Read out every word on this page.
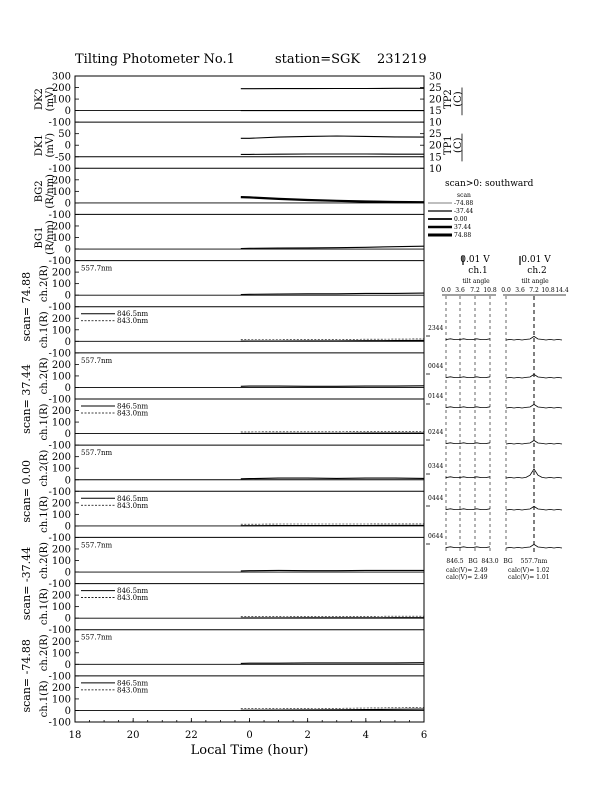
Tilting Photometer No.1	station=SGK 231219
18	20	22	0	2	4	6
Local Time (hour)
300
200
100
0
-100
30
25
20
15
10
TP2 (C)
DK2 (mV)
50
0
-50
-100
25
20
15
10
TP1 (C)
DK1 (mV)
200
100
0
-100
BG2 (R/nm)
200
100
0
-100
BG1 (R/nm)
200
100
0
-100
ch.2(R)	557.7nm
200
100
0
-100
ch.1(R)	846.5nm
843.0nm
200
100
0
-100
ch.2(R)	557.7nm
200
100
0
-100
ch.1(R)	846.5nm
843.0nm
200
100
0
-100
ch.2(R)	557.7nm
200
100
0
-100
ch.1(R)	846.5nm
843.0nm
200
100
0
-100
ch.2(R)	557.7nm
200
100
0
-100
ch.1(R)	846.5nm
843.0nm
200
100
0
-100
ch.2(R)	557.7nm
200
100
0
-100
ch.1(R)	846.5nm
843.0nm
scan= 74.88
scan= 37.44
scan= 0.00
scan= -37.44
scan= -74.88
scan>0: southward
scan
-74.88
-37.44
0.00
37.44
74.88
0.01 V	0.01 V
ch.1	ch.2
tilt angle	tilt angle
0.0 3.6 7.2 10.8 0.0 3.6 7.2 10.8 14.4
2344
0044
0144
0244
0344
0444
0644
846.5 BG 843.0 BG 557.7nm
calc(V)= 2.49
calc(V)= 2.49
calc(V)= 1.02
calc(V)= 1.01
